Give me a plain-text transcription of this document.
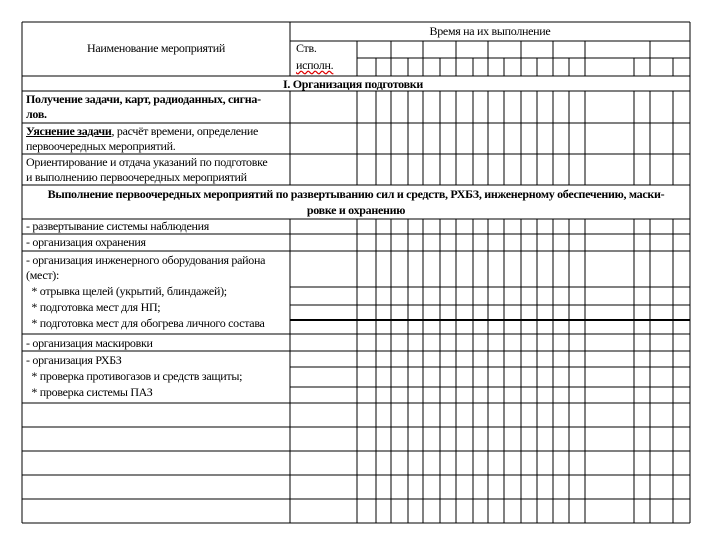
Наименование мероприятий
Время на их выполнение
Ств.
исполн.
I. Организация подготовки
Получение задачи, карт, радиоданных, сигна-
лов.
Уяснение задачи, расчёт времени, определение
первоочередных мероприятий.
Ориентирование и отдача указаний по подготовке
и выполнению первоочередных мероприятий
Выполнение первоочередных мероприятий по развертыванию сил и средств, РХБЗ, инженерному обеспечению, маски-
ровке и охранению
- развертывание системы наблюдения
- организация охранения
- организация инженерного оборудования района
(мест):
* отрывка щелей (укрытий, блиндажей);
* подготовка мест для НП;
* подготовка мест для обогрева личного состава
- организация маскировки
- организация РХБЗ
* проверка противогазов и средств защиты;
* проверка системы ПАЗ
